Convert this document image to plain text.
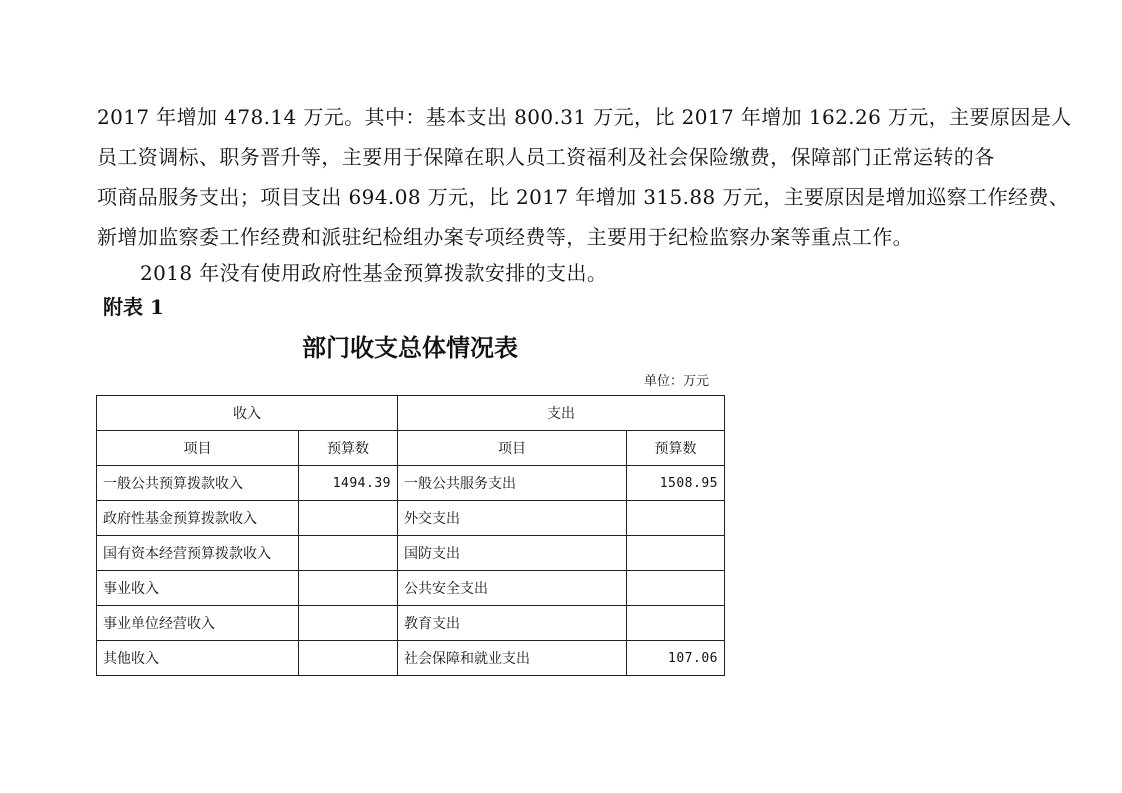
2017 年增加 478.14 万元。其中：基本支出 800.31 万元，比 2017 年增加 162.26 万元，主要原因是人

员工资调标、职务晋升等，主要用于保障在职人员工资福利及社会保险缴费，保障部门正常运转的各

项商品服务支出；项目支出 694.08 万元，比 2017 年增加 315.88 万元，主要原因是增加巡察工作经费、

新增加监察委工作经费和派驻纪检组办案专项经费等，主要用于纪检监察办案等重点工作。

2018 年没有使用政府性基金预算拨款安排的支出。

附表 1
部门收支总体情况表
单位：万元
收入		支出	
项目	预算数	项目	预算数
一般公共预算拨款收入	1494.39	一般公共服务支出	1508.95
政府性基金预算拨款收入		外交支出	
国有资本经营预算拨款收入		国防支出	
事业收入		公共安全支出	
事业单位经营收入		教育支出	
其他收入		社会保障和就业支出	107.06
